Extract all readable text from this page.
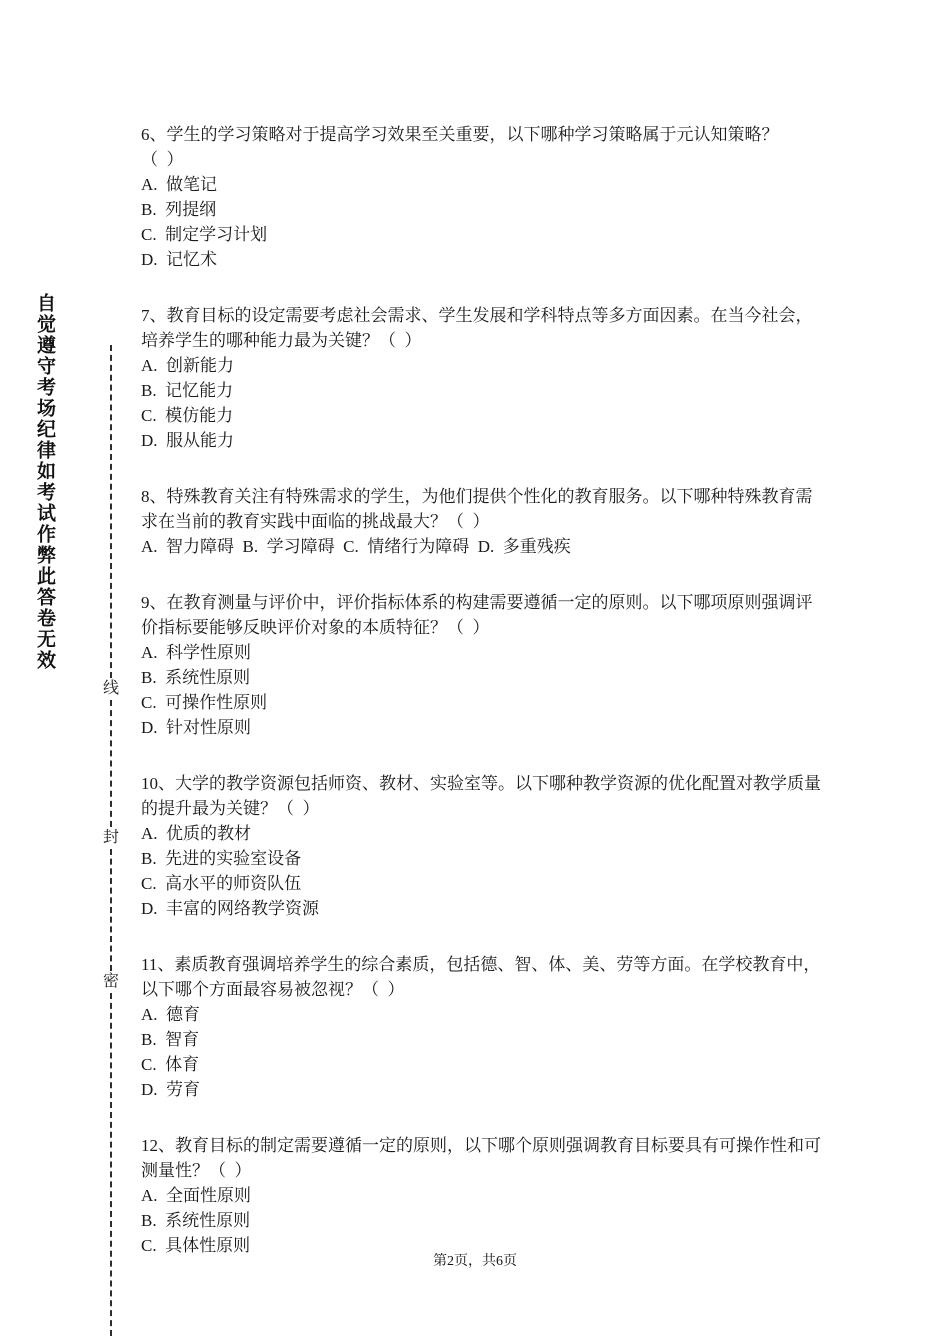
自觉遵守考场纪律如考试作弊此答卷无效
线
封
密

6、学生的学习策略对于提高学习效果至关重要，以下哪种学习策略属于元认知策略？

（  ）

A.  做笔记

B.  列提纲

C.  制定学习计划

D.  记忆术

7、教育目标的设定需要考虑社会需求、学生发展和学科特点等多方面因素。在当今社会，培养学生的哪种能力最为关键？（  ）

A.  创新能力

B.  记忆能力

C.  模仿能力

D.  服从能力

8、特殊教育关注有特殊需求的学生，为他们提供个性化的教育服务。以下哪种特殊教育需求在当前的教育实践中面临的挑战最大？（  ）

A.  智力障碍  B.  学习障碍  C.  情绪行为障碍  D.  多重残疾

9、在教育测量与评价中，评价指标体系的构建需要遵循一定的原则。以下哪项原则强调评价指标要能够反映评价对象的本质特征？（  ）

A.  科学性原则

B.  系统性原则

C.  可操作性原则

D.  针对性原则

10、大学的教学资源包括师资、教材、实验室等。以下哪种教学资源的优化配置对教学质量的提升最为关键？（  ）

A.  优质的教材

B.  先进的实验室设备

C.  高水平的师资队伍

D.  丰富的网络教学资源

11、素质教育强调培养学生的综合素质，包括德、智、体、美、劳等方面。在学校教育中，以下哪个方面最容易被忽视？（  ）

A.  德育

B.  智育

C.  体育

D.  劳育

12、教育目标的制定需要遵循一定的原则，以下哪个原则强调教育目标要具有可操作性和可测量性？（  ）

A.  全面性原则

B.  系统性原则

C.  具体性原则

第2页，共6页
